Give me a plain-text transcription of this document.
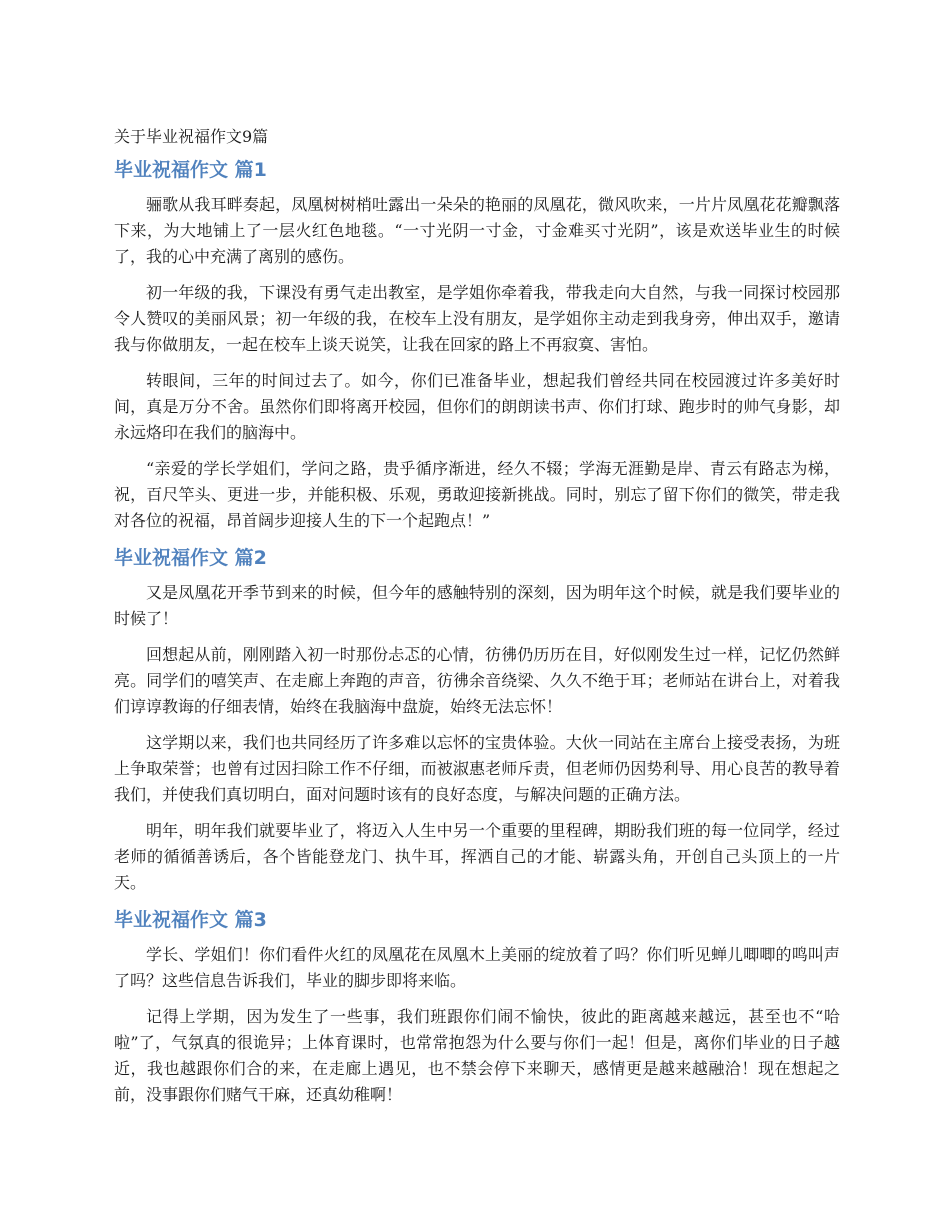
关于毕业祝福作文9篇
毕业祝福作文 篇1

骊歌从我耳畔奏起，凤凰树树梢吐露出一朵朵的艳丽的凤凰花，微风吹来，一片片凤凰花花瓣飘落下来，为大地铺上了一层火红色地毯。“一寸光阴一寸金，寸金难买寸光阴”，该是欢送毕业生的时候了，我的心中充满了离别的感伤。

初一年级的我，下课没有勇气走出教室，是学姐你牵着我，带我走向大自然，与我一同探讨校园那令人赞叹的美丽风景；初一年级的我，在校车上没有朋友，是学姐你主动走到我身旁，伸出双手，邀请我与你做朋友，一起在校车上谈天说笑，让我在回家的路上不再寂寞、害怕。

转眼间，三年的时间过去了。如今，你们已准备毕业，想起我们曾经共同在校园渡过许多美好时间，真是万分不舍。虽然你们即将离开校园，但你们的朗朗读书声、你们打球、跑步时的帅气身影，却永远烙印在我们的脑海中。

“亲爱的学长学姐们，学问之路，贵乎循序渐进，经久不辍；学海无涯勤是岸、青云有路志为梯，祝，百尺竿头、更进一步，并能积极、乐观，勇敢迎接新挑战。同时，别忘了留下你们的微笑，带走我对各位的祝福，昂首阔步迎接人生的下一个起跑点！”

毕业祝福作文 篇2

又是凤凰花开季节到来的时候，但今年的感触特别的深刻，因为明年这个时候，就是我们要毕业的时候了！

回想起从前，刚刚踏入初一时那份忐忑的心情，彷彿仍历历在目，好似刚发生过一样，记忆仍然鲜亮。同学们的嘻笑声、在走廊上奔跑的声音，彷彿余音绕梁、久久不绝于耳；老师站在讲台上，对着我们谆谆教诲的仔细表情，始终在我脑海中盘旋，始终无法忘怀！

这学期以来，我们也共同经历了许多难以忘怀的宝贵体验。大伙一同站在主席台上接受表扬，为班上争取荣誉；也曾有过因扫除工作不仔细，而被淑惠老师斥责，但老师仍因势利导、用心良苦的教导着我们，并使我们真切明白，面对问题时该有的良好态度，与解决问题的正确方法。

明年，明年我们就要毕业了，将迈入人生中另一个重要的里程碑，期盼我们班的每一位同学，经过老师的循循善诱后，各个皆能登龙门、执牛耳，挥洒自己的才能、崭露头角，开创自己头顶上的一片天。

毕业祝福作文 篇3

学长、学姐们！你们看件火红的凤凰花在凤凰木上美丽的绽放着了吗？你们听见蝉儿唧唧的鸣叫声了吗？这些信息告诉我们，毕业的脚步即将来临。

记得上学期，因为发生了一些事，我们班跟你们闹不愉快，彼此的距离越来越远，甚至也不“哈啦”了，气氛真的很诡异；上体育课时，也常常抱怨为什么要与你们一起！但是，离你们毕业的日子越近，我也越跟你们合的来，在走廊上遇见，也不禁会停下来聊天，感情更是越来越融洽！现在想起之前，没事跟你们赌气干麻，还真幼稚啊！
